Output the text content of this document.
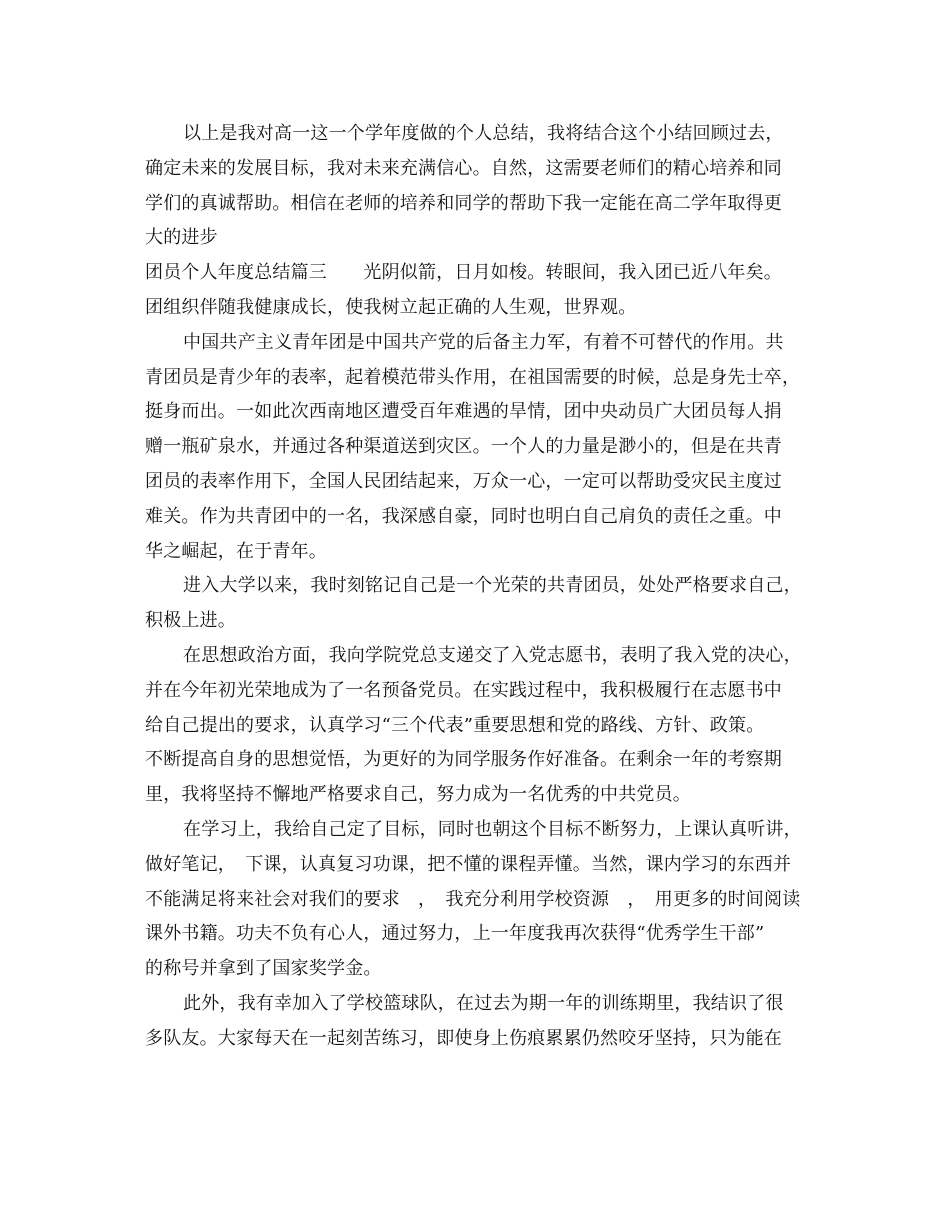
以上是我对高一这一个学年度做的个人总结，我将结合这个小结回顾过去，
确定未来的发展目标，我对未来充满信心。自然，这需要老师们的精心培养和同
学们的真诚帮助。相信在老师的培养和同学的帮助下我一定能在高二学年取得更
大的进步
团员个人年度总结篇三　　光阴似箭，日月如梭。转眼间，我入团已近八年矣。
团组织伴随我健康成长，使我树立起正确的人生观，世界观。
中国共产主义青年团是中国共产党的后备主力军，有着不可替代的作用。共
青团员是青少年的表率，起着模范带头作用，在祖国需要的时候，总是身先士卒，
挺身而出。一如此次西南地区遭受百年难遇的旱情，团中央动员广大团员每人捐
赠一瓶矿泉水，并通过各种渠道送到灾区。一个人的力量是渺小的，但是在共青
团员的表率作用下，全国人民团结起来，万众一心，一定可以帮助受灾民主度过
难关。作为共青团中的一名，我深感自豪，同时也明白自己肩负的责任之重。中
华之崛起，在于青年。
进入大学以来，我时刻铭记自己是一个光荣的共青团员，处处严格要求自己，
积极上进。
在思想政治方面，我向学院党总支递交了入党志愿书，表明了我入党的决心，
并在今年初光荣地成为了一名预备党员。在实践过程中，我积极履行在志愿书中
给自己提出的要求，认真学习“三个代表”重要思想和党的路线、方针、政策。
不断提高自身的思想觉悟，为更好的为同学服务作好准备。在剩余一年的考察期
里，我将坚持不懈地严格要求自己，努力成为一名优秀的中共党员。
在学习上，我给自己定了目标，同时也朝这个目标不断努力，上课认真听讲，
做好笔记，　下课，认真复习功课，把不懂的课程弄懂。当然，课内学习的东西并
不能满足将来社会对我们的要求　，　我充分利用学校资源　，　用更多的时间阅读
课外书籍。功夫不负有心人，通过努力，上一年度我再次获得“优秀学生干部”
的称号并拿到了国家奖学金。
此外，我有幸加入了学校篮球队，在过去为期一年的训练期里，我结识了很
多队友。大家每天在一起刻苦练习，即使身上伤痕累累仍然咬牙坚持，只为能在
